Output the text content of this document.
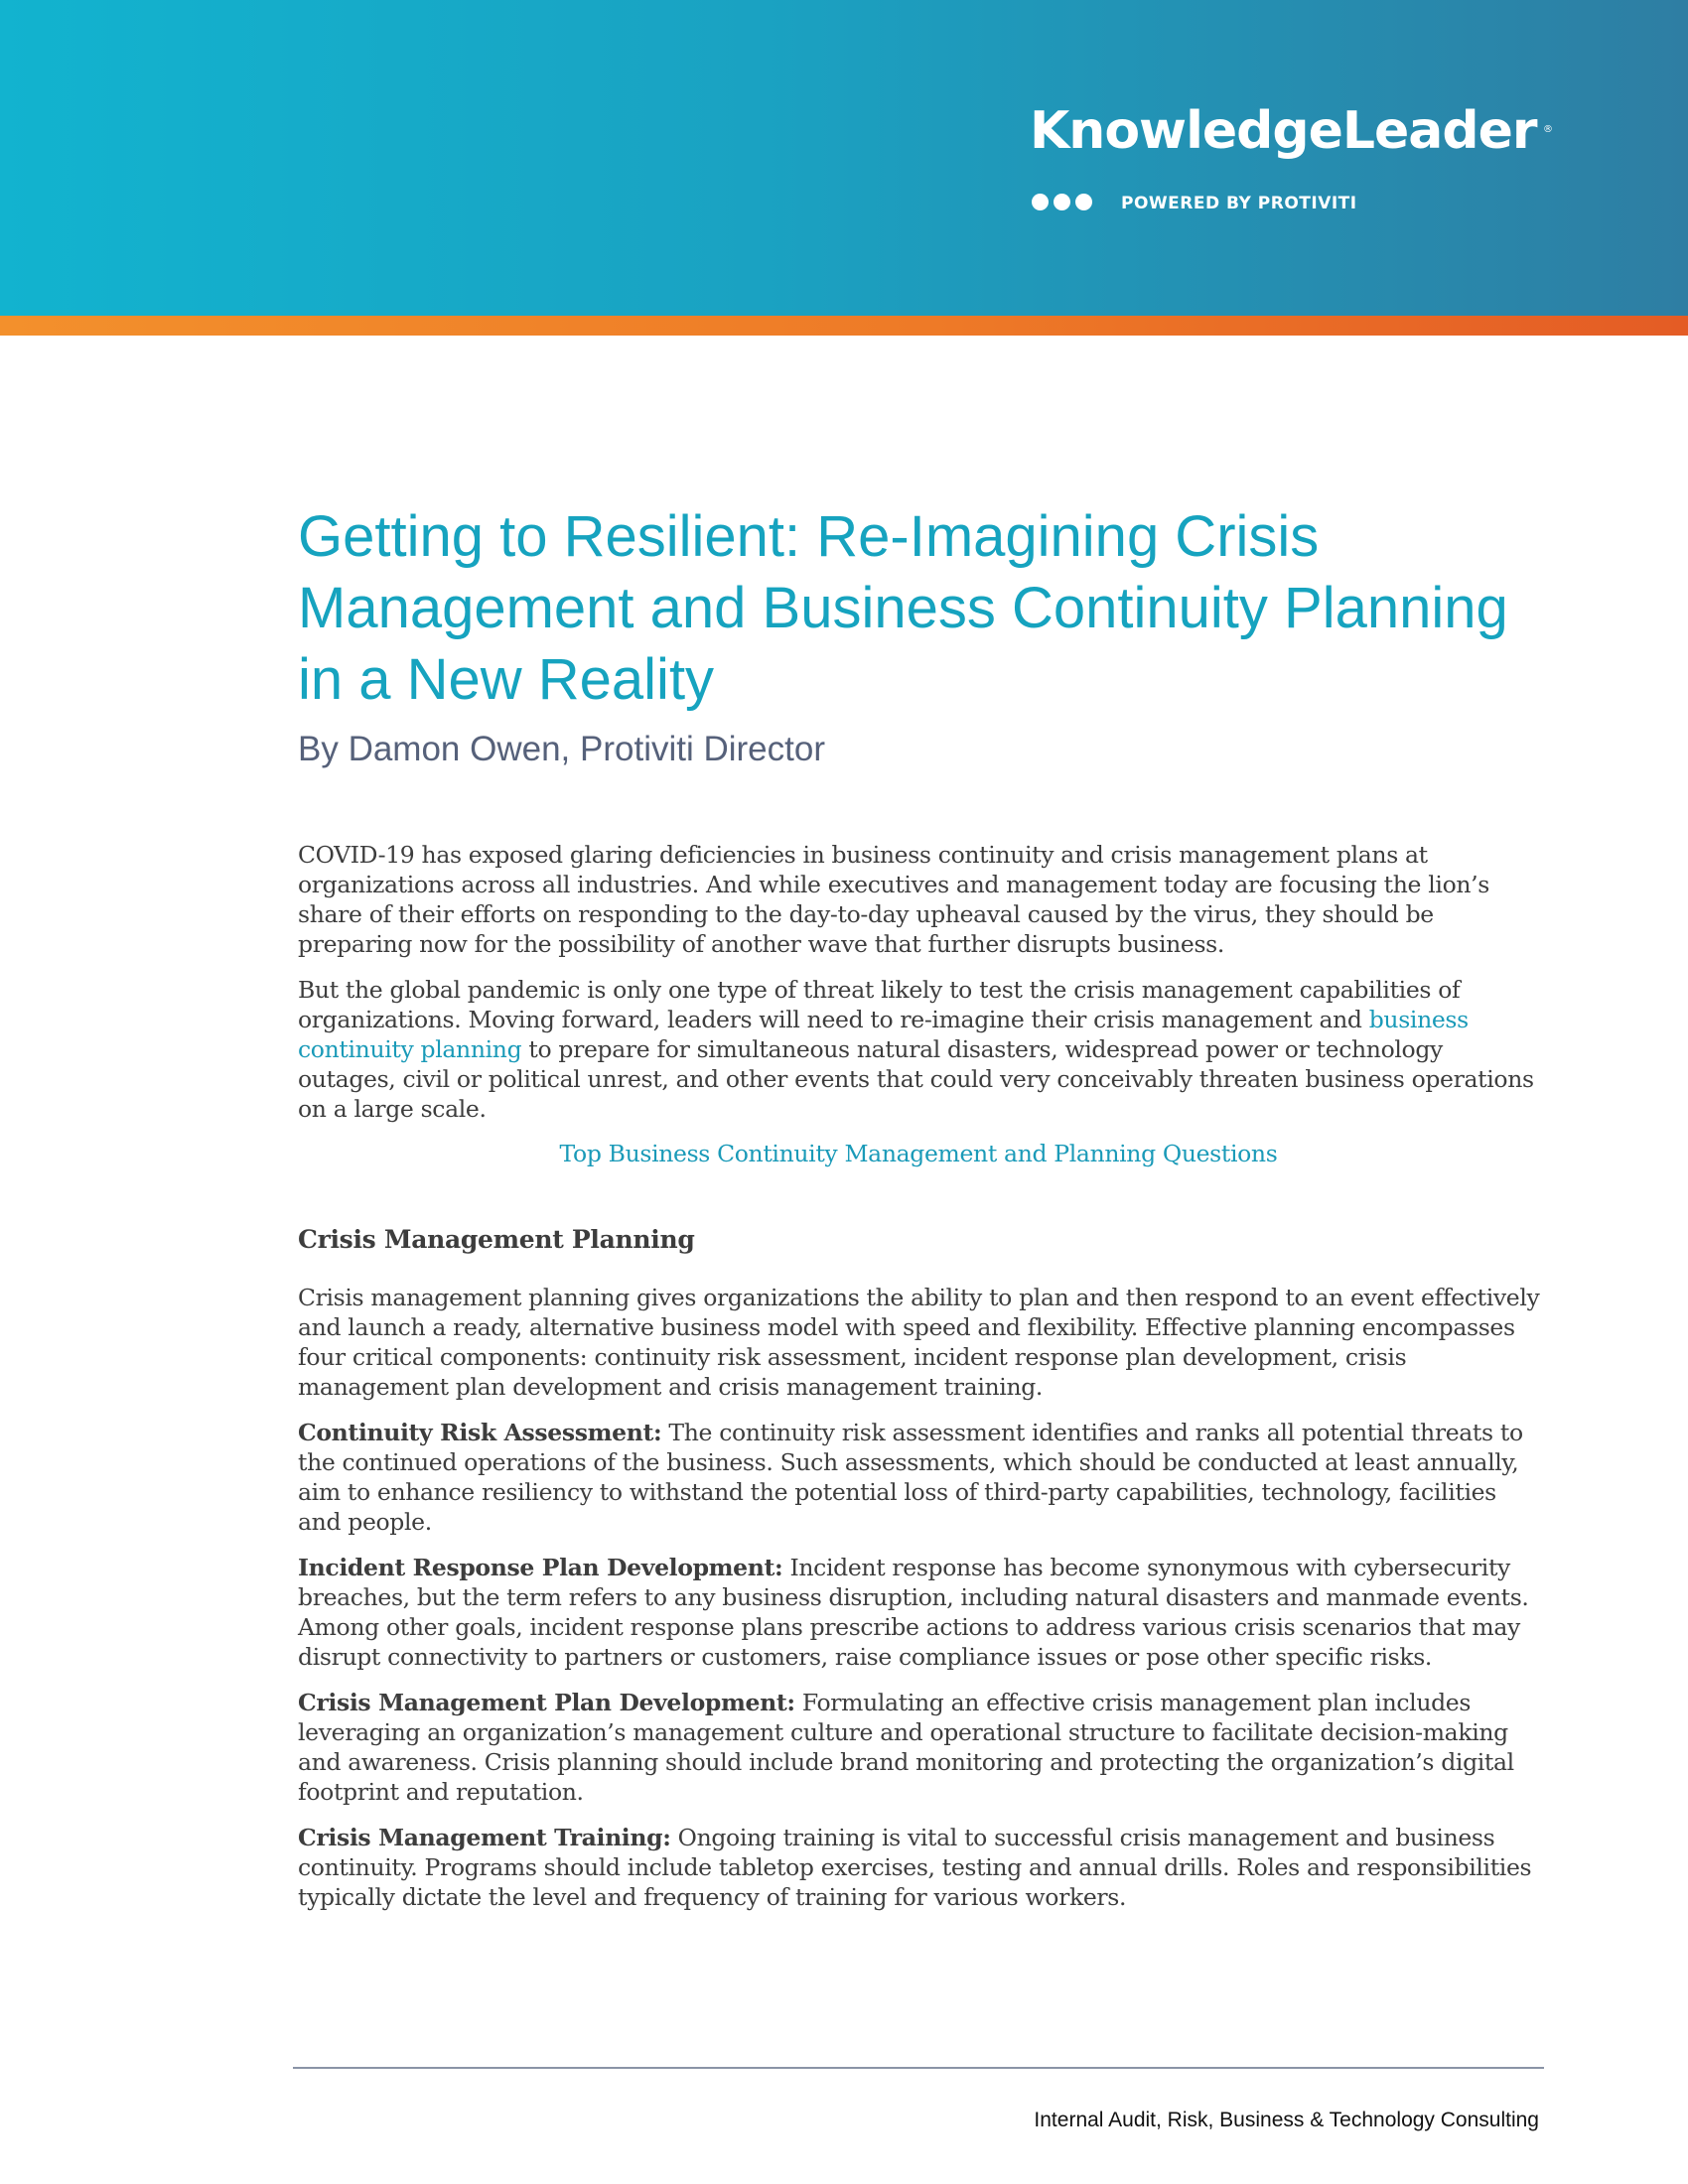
KnowledgeLeader ®
POWERED BY PROTIVITI
Getting to Resilient: Re-Imagining Crisis Management and Business Continuity Planning in a New Reality
By Damon Owen, Protiviti Director

COVID-19 has exposed glaring deficiencies in business continuity and crisis management plans at organizations across all industries. And while executives and management today are focusing the lion’s share of their efforts on responding to the day-to-day upheaval caused by the virus, they should be preparing now for the possibility of another wave that further disrupts business.

But the global pandemic is only one type of threat likely to test the crisis management capabilities of organizations. Moving forward, leaders will need to re-imagine their crisis management and business continuity planning to prepare for simultaneous natural disasters, widespread power or technology outages, civil or political unrest, and other events that could very conceivably threaten business operations on a large scale.

Top Business Continuity Management and Planning Questions
Crisis Management Planning

Crisis management planning gives organizations the ability to plan and then respond to an event effectively and launch a ready, alternative business model with speed and flexibility. Effective planning encompasses four critical components: continuity risk assessment, incident response plan development, crisis management plan development and crisis management training.

Continuity Risk Assessment: The continuity risk assessment identifies and ranks all potential threats to the continued operations of the business. Such assessments, which should be conducted at least annually, aim to enhance resiliency to withstand the potential loss of third-party capabilities, technology, facilities and people.

Incident Response Plan Development: Incident response has become synonymous with cybersecurity breaches, but the term refers to any business disruption, including natural disasters and manmade events. Among other goals, incident response plans prescribe actions to address various crisis scenarios that may disrupt connectivity to partners or customers, raise compliance issues or pose other specific risks.

Crisis Management Plan Development: Formulating an effective crisis management plan includes leveraging an organization’s management culture and operational structure to facilitate decision-making and awareness. Crisis planning should include brand monitoring and protecting the organization’s digital footprint and reputation.

Crisis Management Training: Ongoing training is vital to successful crisis management and business continuity. Programs should include tabletop exercises, testing and annual drills. Roles and responsibilities typically dictate the level and frequency of training for various workers.

Internal Audit, Risk, Business & Technology Consulting
